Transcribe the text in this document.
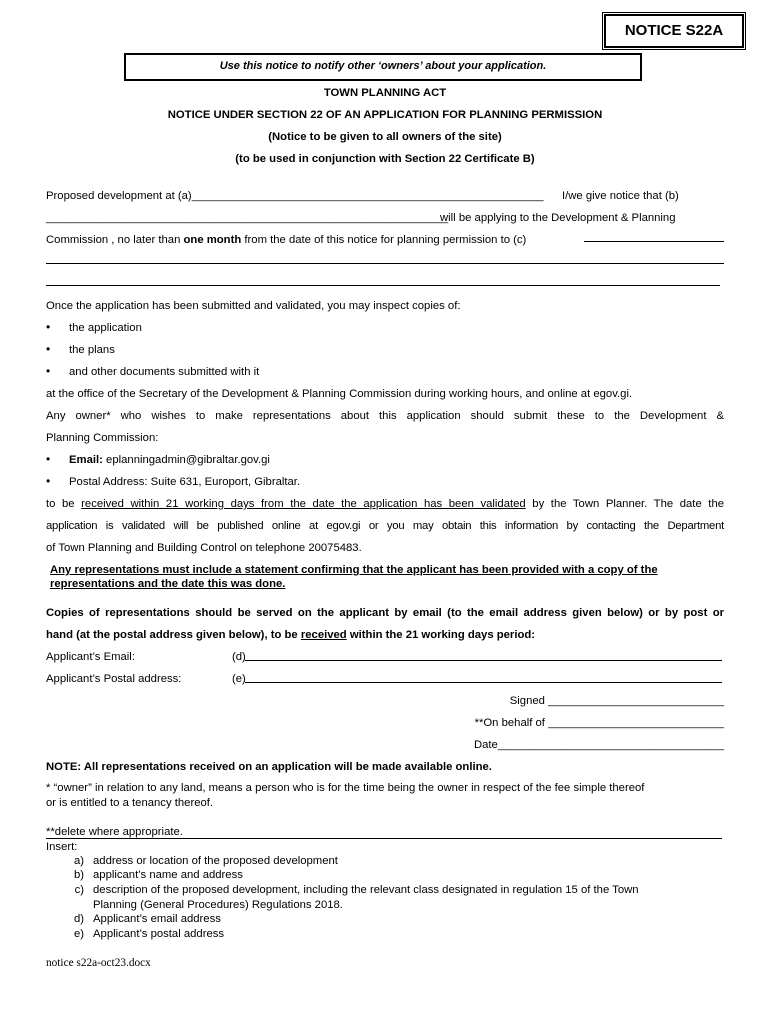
NOTICE S22A
Use this notice to notify other ‘owners’ about your application.
TOWN PLANNING ACT
NOTICE UNDER SECTION 22 OF AN APPLICATION FOR PLANNING PERMISSION
(Notice to be given to all owners of the site)
(to be used in conjunction with Section 22 Certificate B)
Proposed development at (a)________________________________________________________ I/we give notice that (b)
________________________________________________________________
will be applying to the Development & Planning
Commission , no later than one month from the date of this notice for planning permission to (c)
Once the application has been submitted and validated, you may inspect copies of:
• the application
• the plans
• and other documents submitted with it
at the office of the Secretary of the Development & Planning Commission during working hours, and online at egov.gi.
Any owner* who wishes to make representations about this application should submit these to the Development &
Planning Commission:
• Email: eplanningadmin@gibraltar.gov.gi
• Postal Address: Suite 631, Europort, Gibraltar.
to be received within 21 working days from the date the application has been validated by the Town Planner. The date the
application is validated will be published online at egov.gi or you may obtain this information by contacting the Department
of Town Planning and Building Control on telephone 20075483.
Any representations must include a statement confirming that the applicant has been provided with a copy of the
representations and the date this was done.
Copies of representations should be served on the applicant by email (to the email address given below) or by post or
hand (at the postal address given below), to be received within the 21 working days period:
Applicant’s Email:	(d)
Applicant’s Postal address:	(e)
Signed ____________________________
**On behalf of ____________________________
Date____________________________________
NOTE: All representations received on an application will be made available online.
* “owner” in relation to any land, means a person who is for the time being the owner in respect of the fee simple thereof
or is entitled to a tenancy thereof.
**delete where appropriate.
Insert:
a) address or location of the proposed development
b) applicant’s name and address
c) description of the proposed development, including the relevant class designated in regulation 15 of the Town
Planning (General Procedures) Regulations 2018.
d) Applicant’s email address
e) Applicant’s postal address
notice s22a-oct23.docx
